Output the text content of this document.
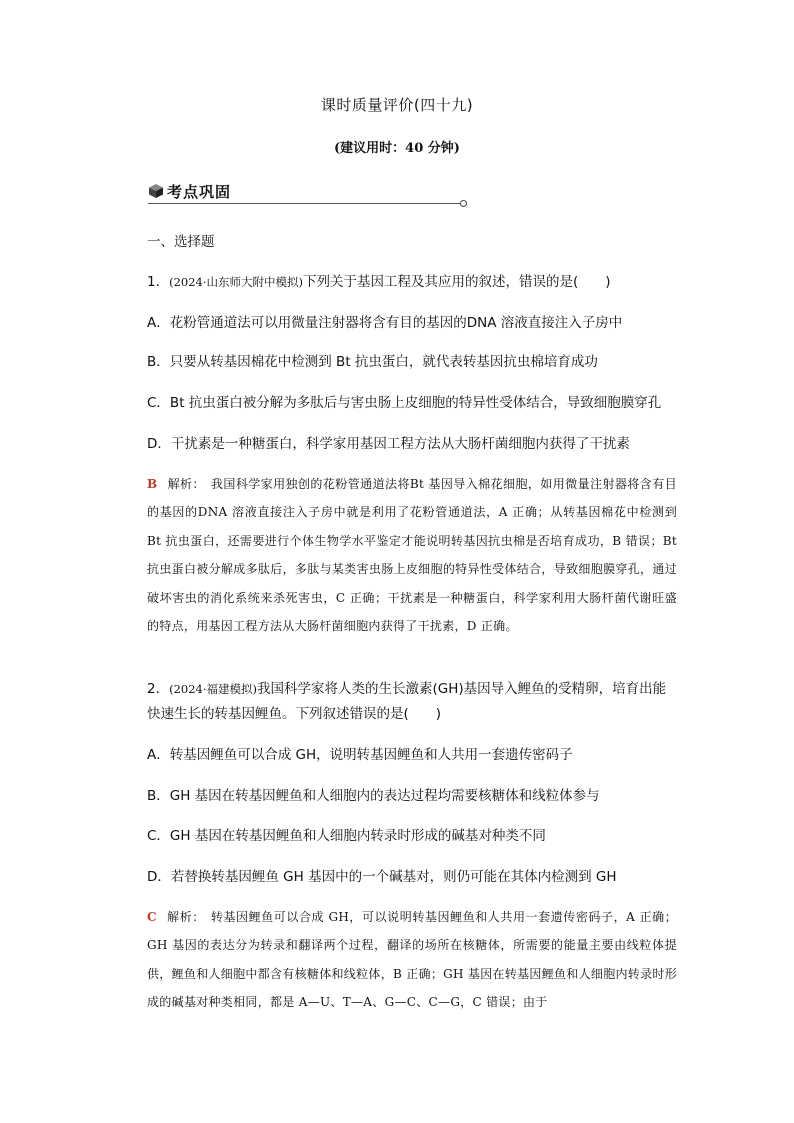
课时质量评价(四十九)
(建议用时：40 分钟)
考点巩固
一、选择题
1．(2024·山东师大附中模拟)下列关于基因工程及其应用的叙述，错误的是(　　)
A．花粉管通道法可以用微量注射器将含有目的基因的DNA 溶液直接注入子房中
B．只要从转基因棉花中检测到 Bt 抗虫蛋白，就代表转基因抗虫棉培育成功
C．Bt 抗虫蛋白被分解为多肽后与害虫肠上皮细胞的特异性受体结合，导致细胞膜穿孔
D．干扰素是一种糖蛋白，科学家用基因工程方法从大肠杆菌细胞内获得了干扰素
B 解析： 我国科学家用独创的花粉管通道法将Bt 基因导入棉花细胞，如用微量注射器将含有目的基因的DNA 溶液直接注入子房中就是利用了花粉管通道法，A 正确；从转基因棉花中检测到 Bt 抗虫蛋白，还需要进行个体生物学水平鉴定才能说明转基因抗虫棉是否培育成功，B 错误；Bt 抗虫蛋白被分解成多肽后，多肽与某类害虫肠上皮细胞的特异性受体结合，导致细胞膜穿孔，通过破坏害虫的消化系统来杀死害虫，C 正确；干扰素是一种糖蛋白，科学家利用大肠杆菌代谢旺盛的特点，用基因工程方法从大肠杆菌细胞内获得了干扰素，D 正确。
2．(2024·福建模拟)我国科学家将人类的生长激素(GH)基因导入鲤鱼的受精卵，培育出能快速生长的转基因鲤鱼。下列叙述错误的是(　　)
A．转基因鲤鱼可以合成 GH，说明转基因鲤鱼和人共用一套遗传密码子
B．GH 基因在转基因鲤鱼和人细胞内的表达过程均需要核糖体和线粒体参与
C．GH 基因在转基因鲤鱼和人细胞内转录时形成的碱基对种类不同
D．若替换转基因鲤鱼 GH 基因中的一个碱基对，则仍可能在其体内检测到 GH
C 解析： 转基因鲤鱼可以合成 GH，可以说明转基因鲤鱼和人共用一套遗传密码子，A 正确；GH 基因的表达分为转录和翻译两个过程，翻译的场所在核糖体，所需要的能量主要由线粒体提供，鲤鱼和人细胞中都含有核糖体和线粒体，B 正确；GH 基因在转基因鲤鱼和人细胞内转录时形成的碱基对种类相同，都是 A—U、T—A、G—C、C—G，C 错误；由于
